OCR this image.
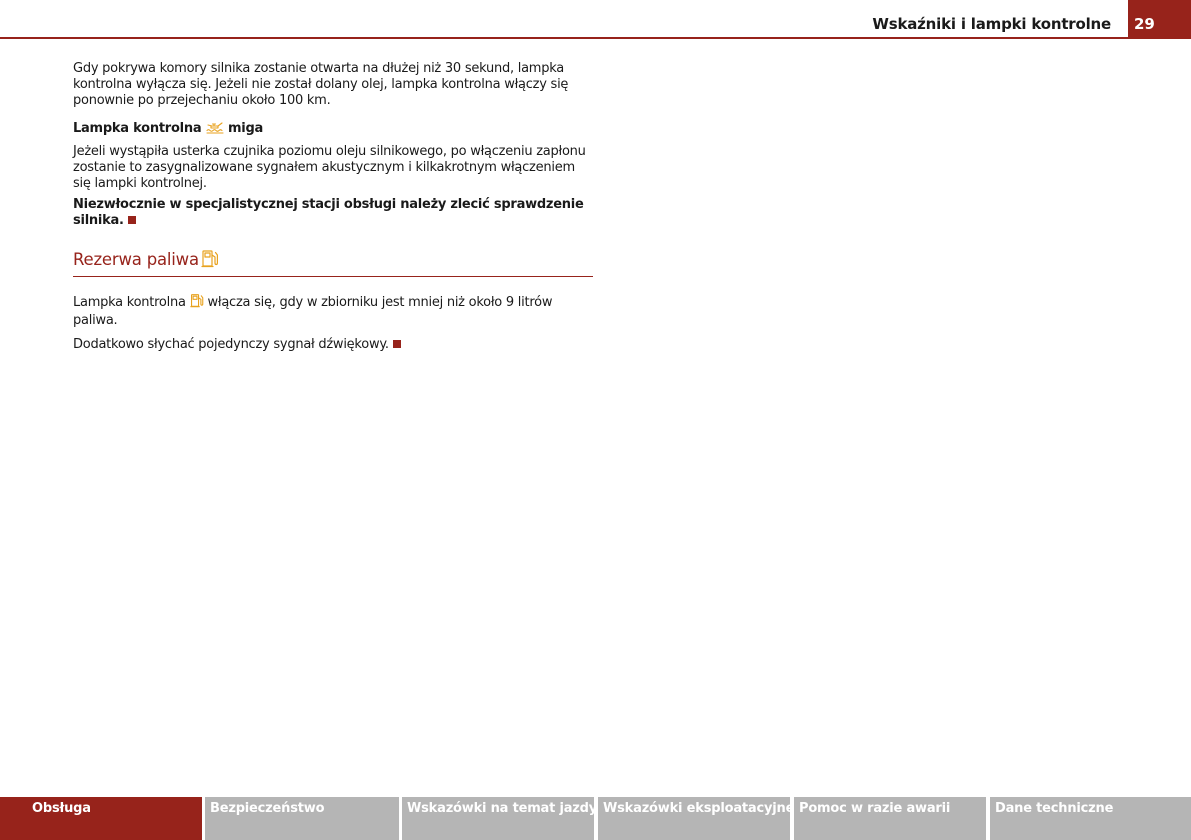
Wskaźniki i lampki kontrolne	29

Gdy pokrywa komory silnika zostanie otwarta na dłużej niż 30 sekund, lampka kontrolna wyłącza się. Jeżeli nie został dolany olej, lampka kontrolna włączy się ponownie po przejechaniu około 100 km.

Lampka kontrolna miga

Jeżeli wystąpiła usterka czujnika poziomu oleju silnikowego, po włączeniu zapłonu zostanie to zasygnalizowane sygnałem akustycznym i kilkakrotnym włączeniem się lampki kontrolnej.

Niezwłocznie w specjalistycznej stacji obsługi należy zlecić sprawdzenie silnika.

Rezerwa paliwa

Lampka kontrolna włącza się, gdy w zbiorniku jest mniej niż około 9 litrów paliwa.

Dodatkowo słychać pojedynczy sygnał dźwiękowy.

Obsługa	Bezpieczeństwo	Wskazówki na temat jazdy Wskazówki eksploatacyjne Pomoc w razie awarii	Dane techniczne
